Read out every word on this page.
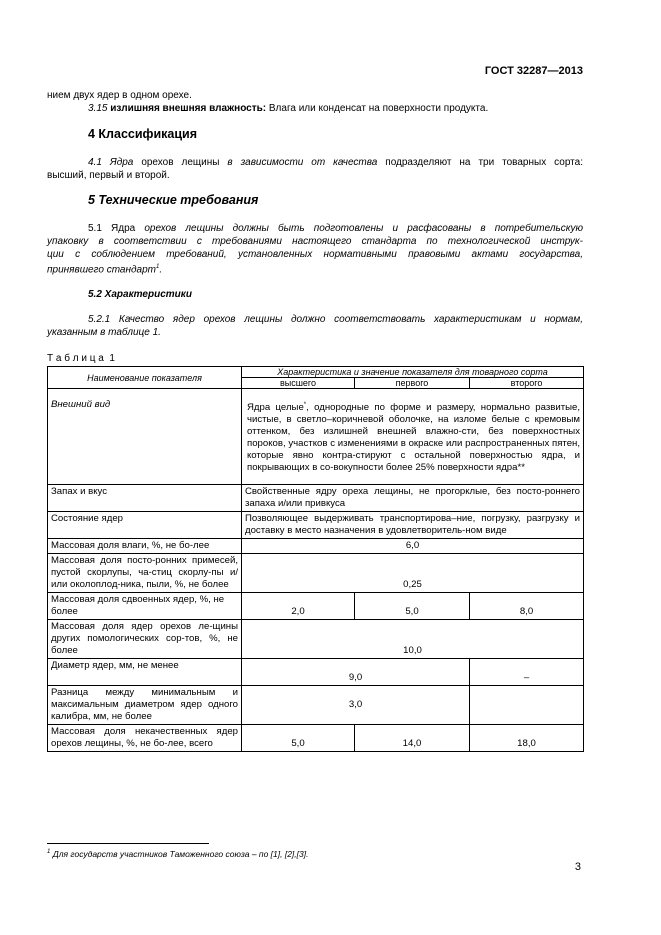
ГОСТ 32287—2013
нием двух ядер в одном орехе.
3.15 излишняя внешняя влажность: Влага или конденсат на поверхности продукта.
4 Классификация
4.1 Ядра орехов лещины в зависимости от качества подразделяют на три товарных сорта:
высший, первый и второй.
5 Технические требования
5.1 Ядра орехов лещины должны быть подготовлены и расфасованы в потребительскую
упаковку в соответствии с требованиями настоящего стандарта по технологической инструк-
ции с соблюдением требований, установленных нормативными правовыми актами государства,
принявшего стандарт$^1$.
5.2 Характеристики
5.2.1 Качество ядер орехов лещины должно соответствовать характеристикам и нормам,
указанным в таблице 1.
Т а б л и ц а  1
Наименование показателя	Характеристика и значение показателя для товарного сорта		
	высшего	первого	второго
Внешний вид	Ядра целые*, однородные по форме и размеру, нормально развитые, чистые, в светло–коричневой оболочке, на изломе белые с кремовым оттенком, без излишней внешней влажно-сти, без поверхностных пороков, участков с изменениями в окраске или распространенных пятен, которые явно контра-стируют с остальной поверхностью ядра, и покрывающих в со-вокупности более 25% поверхности ядра**		
Запах и вкус	Свойственные ядру ореха лещины, не прогорклые, без посто-роннего запаха и/или привкуса		
Состояние ядер	Позволяющее выдерживать транспортирова–ние, погрузку, разгрузку и доставку в место назначения в удовлетворитель-ном виде		
Массовая доля влаги, %, не бо-лее	6,0		
Массовая доля посто-ронних примесей, пустой скорлупы, ча-стиц скорлу-пы и/или околоплод-ника, пыли, %, не более	0,25		
Массовая доля сдвоенных ядер, %, не более	2,0	5,0	8,0
Массовая доля ядер орехов ле-щины других помологических сор-тов, %, не более	10,0		
Диаметр ядер, мм, не менее	9,0		–
Разница между минимальным и максимальным диаметром ядер одного калибра, мм, не более	3,0		
Массовая доля некачественных ядер орехов лещины, %, не бо-лее, всего	5,0	14,0	18,0
$^1$ Для государств участников Таможенного союза – по [1], [2],[3].
3
